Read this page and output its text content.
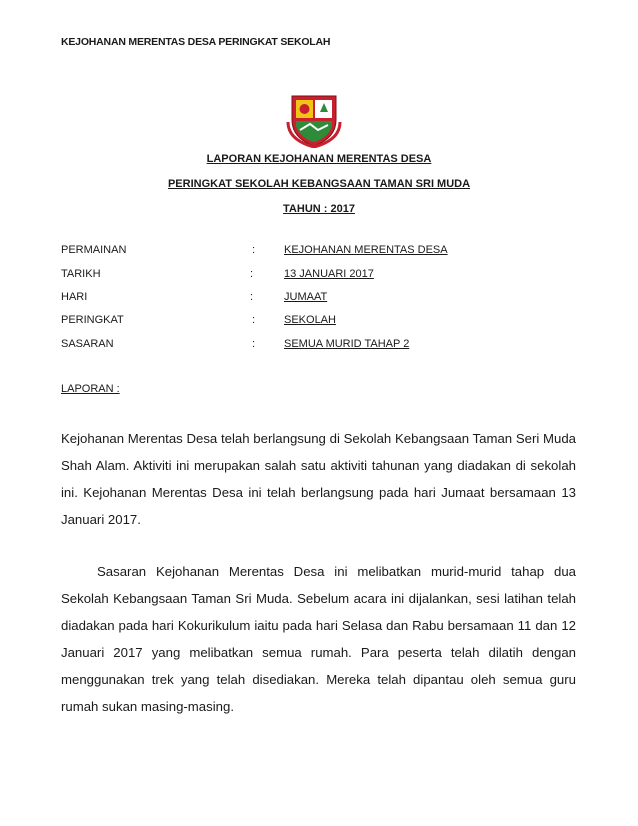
KEJOHANAN MERENTAS DESA PERINGKAT SEKOLAH
LAPORAN KEJOHANAN MERENTAS DESA
PERINGKAT SEKOLAH KEBANGSAAN TAMAN SRI MUDA
TAHUN : 2017
PERMAINAN	:	KEJOHANAN MERENTAS DESA
TARIKH	:	13 JANUARI 2017
HARI	:	JUMAAT
PERINGKAT	:	SEKOLAH
SASARAN	:	SEMUA MURID TAHAP 2
LAPORAN :

Kejohanan Merentas Desa telah berlangsung di Sekolah Kebangsaan Taman Seri Muda Shah Alam. Aktiviti ini merupakan salah satu aktiviti tahunan yang diadakan di sekolah ini. Kejohanan Merentas Desa ini telah berlangsung pada hari Jumaat bersamaan 13 Januari 2017.

Sasaran Kejohanan Merentas Desa ini melibatkan murid-murid tahap dua Sekolah Kebangsaan Taman Sri Muda. Sebelum acara ini dijalankan, sesi latihan telah diadakan pada hari Kokurikulum iaitu pada hari Selasa dan Rabu bersamaan 11 dan 12 Januari 2017 yang melibatkan semua rumah. Para peserta telah dilatih dengan menggunakan trek yang telah disediakan. Mereka telah dipantau oleh semua guru rumah sukan masing-masing.
